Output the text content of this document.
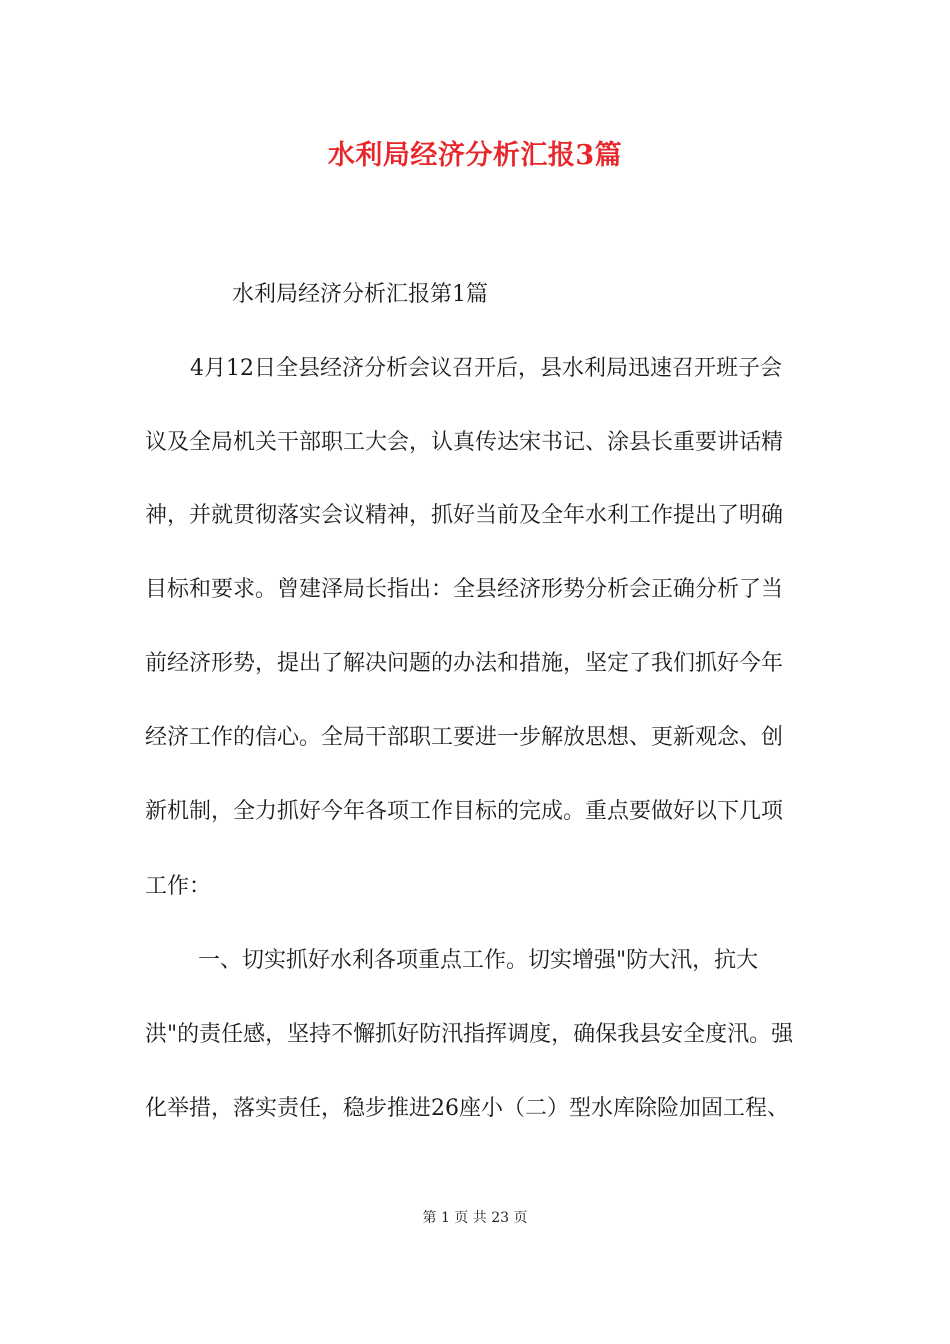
水利局经济分析汇报3篇
水利局经济分析汇报第1篇
4月12日全县经济分析会议召开后，县水利局迅速召开班子会
议及全局机关干部职工大会，认真传达宋书记、涂县长重要讲话精
神，并就贯彻落实会议精神，抓好当前及全年水利工作提出了明确
目标和要求。曾建泽局长指出：全县经济形势分析会正确分析了当
前经济形势，提出了解决问题的办法和措施，坚定了我们抓好今年
经济工作的信心。全局干部职工要进一步解放思想、更新观念、创
新机制，全力抓好今年各项工作目标的完成。重点要做好以下几项
工作：
一、切实抓好水利各项重点工作。切实增强"防大汛，抗大
洪"的责任感，坚持不懈抓好防汛指挥调度，确保我县安全度汛。强
化举措，落实责任，稳步推进26座小（二）型水库除险加固工程、
第 1 页 共 23 页
